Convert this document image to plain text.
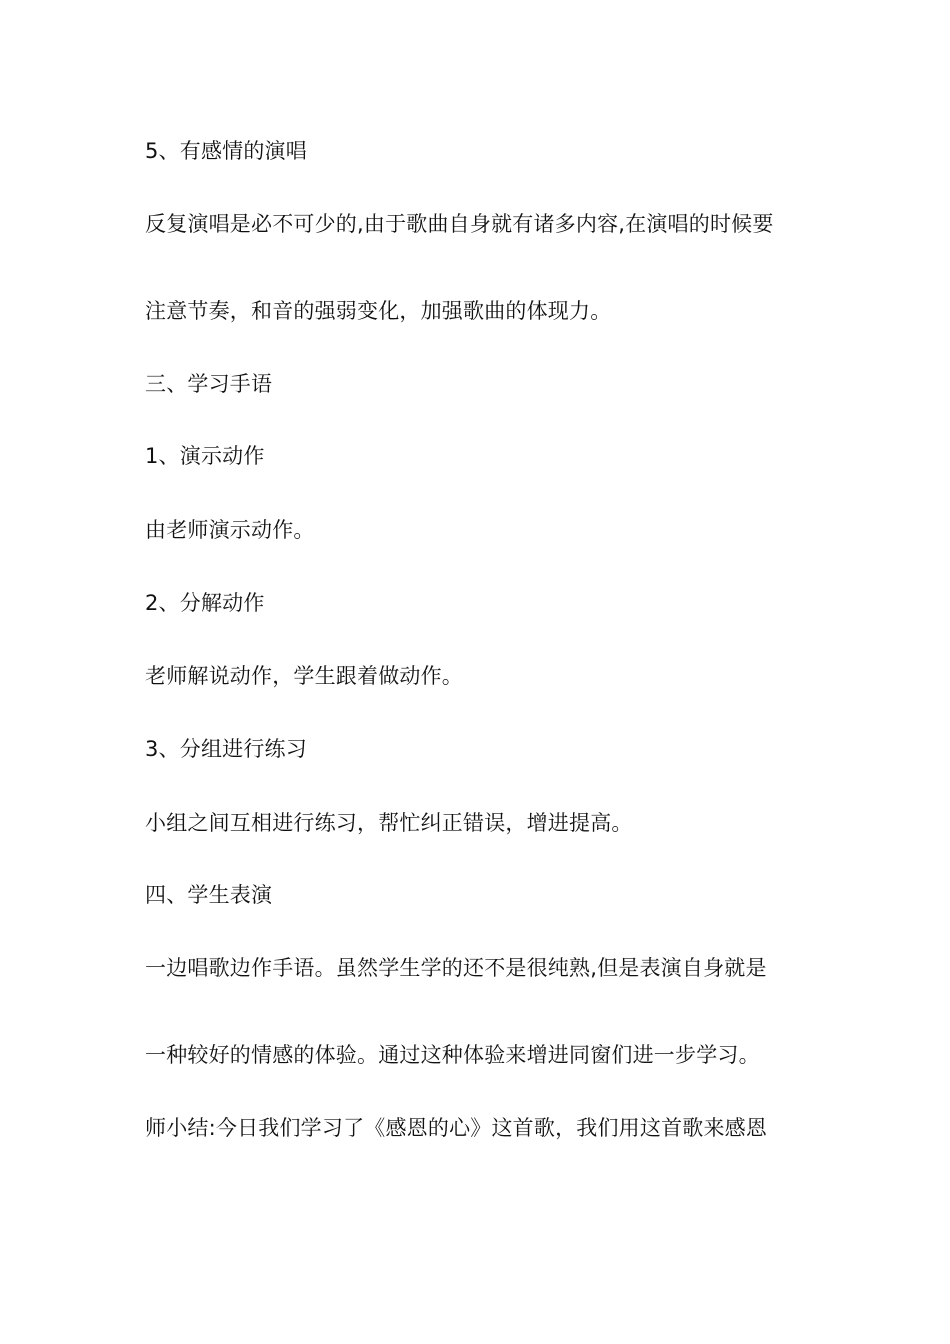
5、有感情的演唱
反复演唱是必不可少的,由于歌曲自身就有诸多内容,在演唱的时候要
注意节奏，和音的强弱变化，加强歌曲的体现力。
三、学习手语
1、演示动作
由老师演示动作。
2、分解动作
老师解说动作，学生跟着做动作。
3、分组进行练习
小组之间互相进行练习，帮忙纠正错误，增进提高。
四、学生表演
一边唱歌边作手语。虽然学生学的还不是很纯熟,但是表演自身就是
一种较好的情感的体验。通过这种体验来增进同窗们进一步学习。
师小结:今日我们学习了《感恩的心》这首歌，我们用这首歌来感恩
